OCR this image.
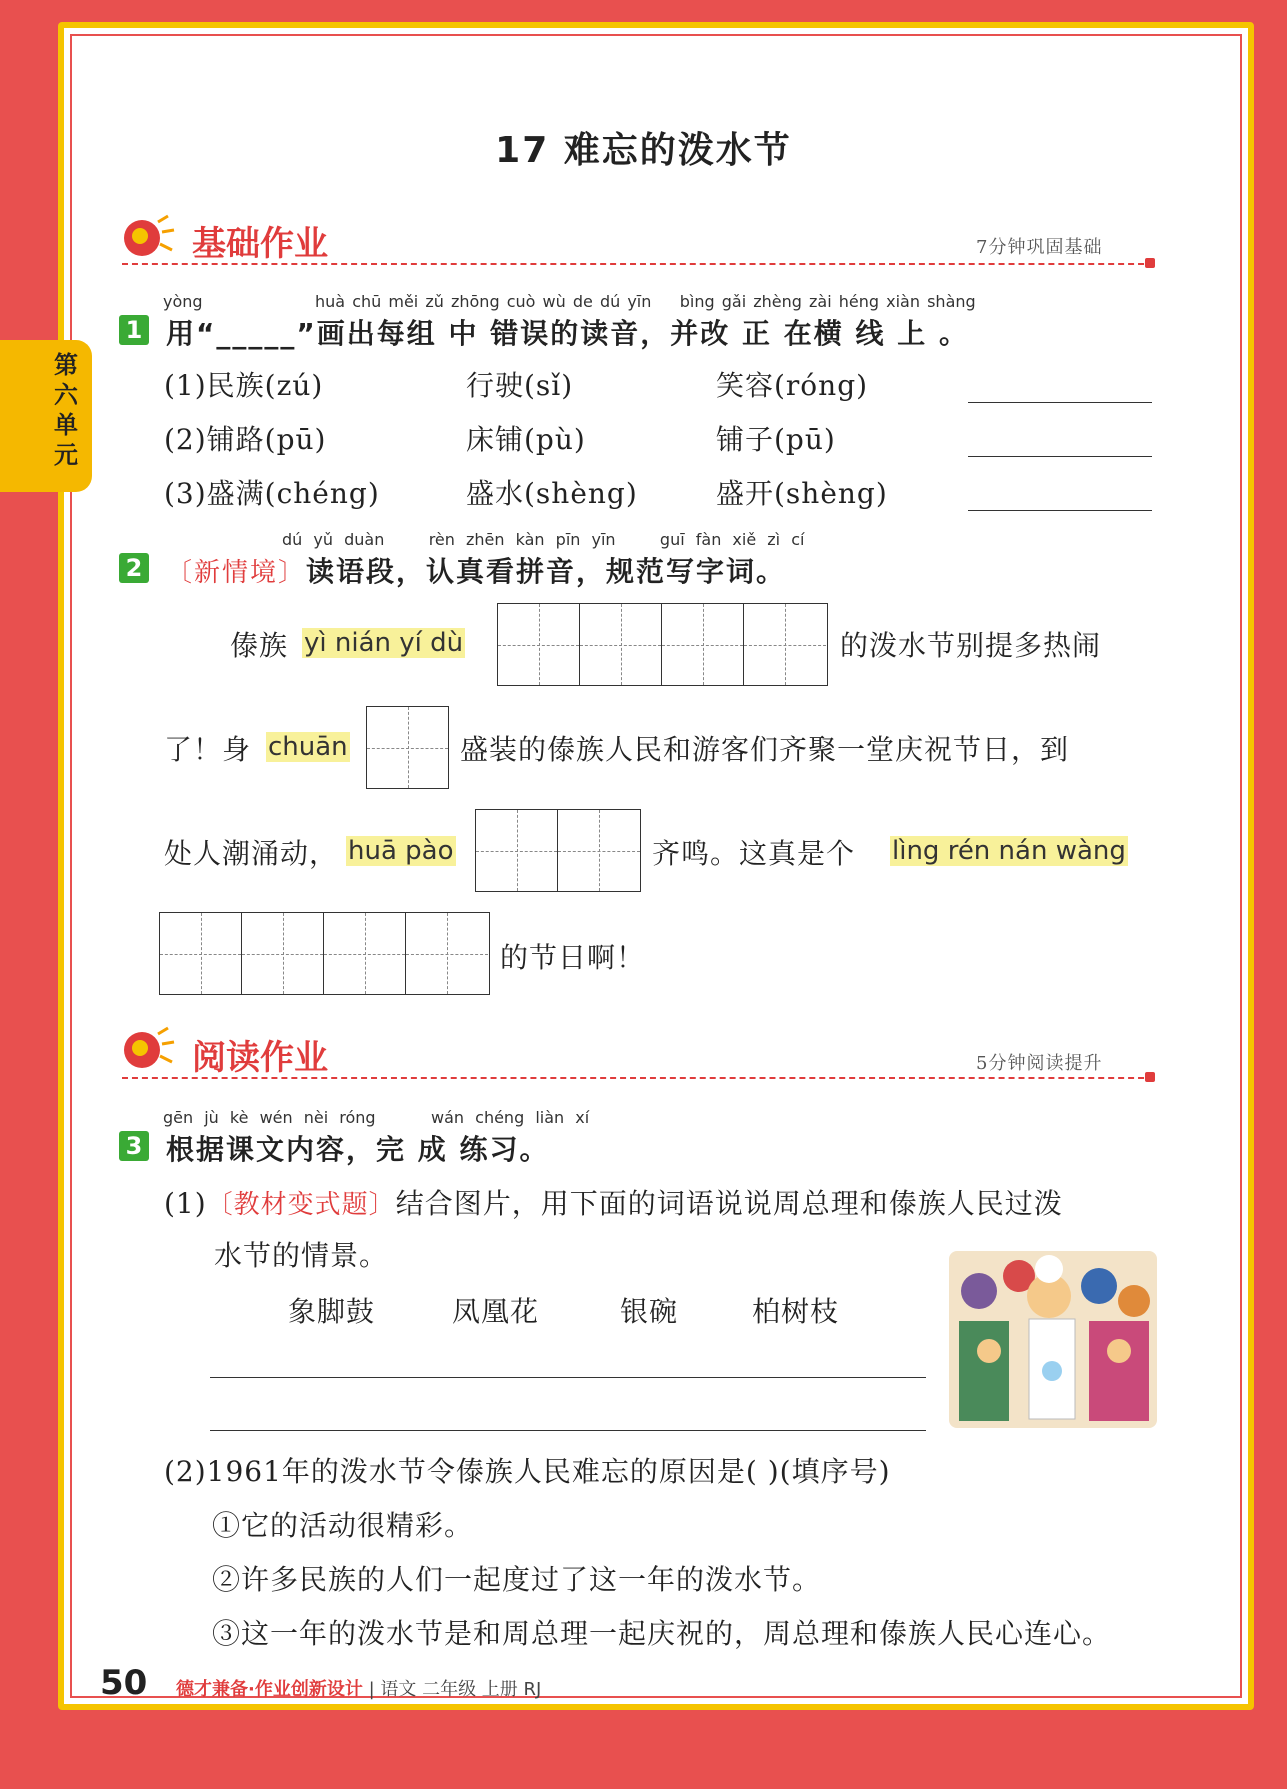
第六单元
17 难忘的泼水节
基础作业	7分钟巩固基础
yòng	huà chū měi zǔ zhōng cuò wù de dú yīn bìng gǎi zhèng zài héng xiàn shàng
1 用“_____”画出每组 中 错误的读音，并改 正 在横 线 上 。
(1)民族(zú)	行驶(sǐ)	笑容(róng)
(2)铺路(pū)	床铺(pù)	铺子(pū)
(3)盛满(chéng)	盛水(shèng)	盛开(shèng)
dú yǔ duàn	rèn zhēn kàn pīn yīn	guī fàn xiě zì cí
2 〔新情境〕读语段，认真看拼音，规范写字词。
傣族 yì nián yí dù	的泼水节别提多热闹
了！身 chuān	盛装的傣族人民和游客们齐聚一堂庆祝节日，到
处人潮涌动， huā pào	齐鸣。这真是个 lìng rén nán wàng
的节日啊！
阅读作业	5分钟阅读提升
gēn jù kè wén nèi róng	wán chéng liàn xí
3 根据课文内容，完 成 练习。
(1)〔教材变式题〕结合图片，用下面的词语说说周总理和傣族人民过泼
水节的情景。
象脚鼓	凤凰花	银碗	柏树枝
(2)1961年的泼水节令傣族人民难忘的原因是( )(填序号)
①它的活动很精彩。
②许多民族的人们一起度过了这一年的泼水节。
③这一年的泼水节是和周总理一起庆祝的，周总理和傣族人民心连心。
50 德才兼备·作业创新设计 | 语文 二年级 上册 RJ
